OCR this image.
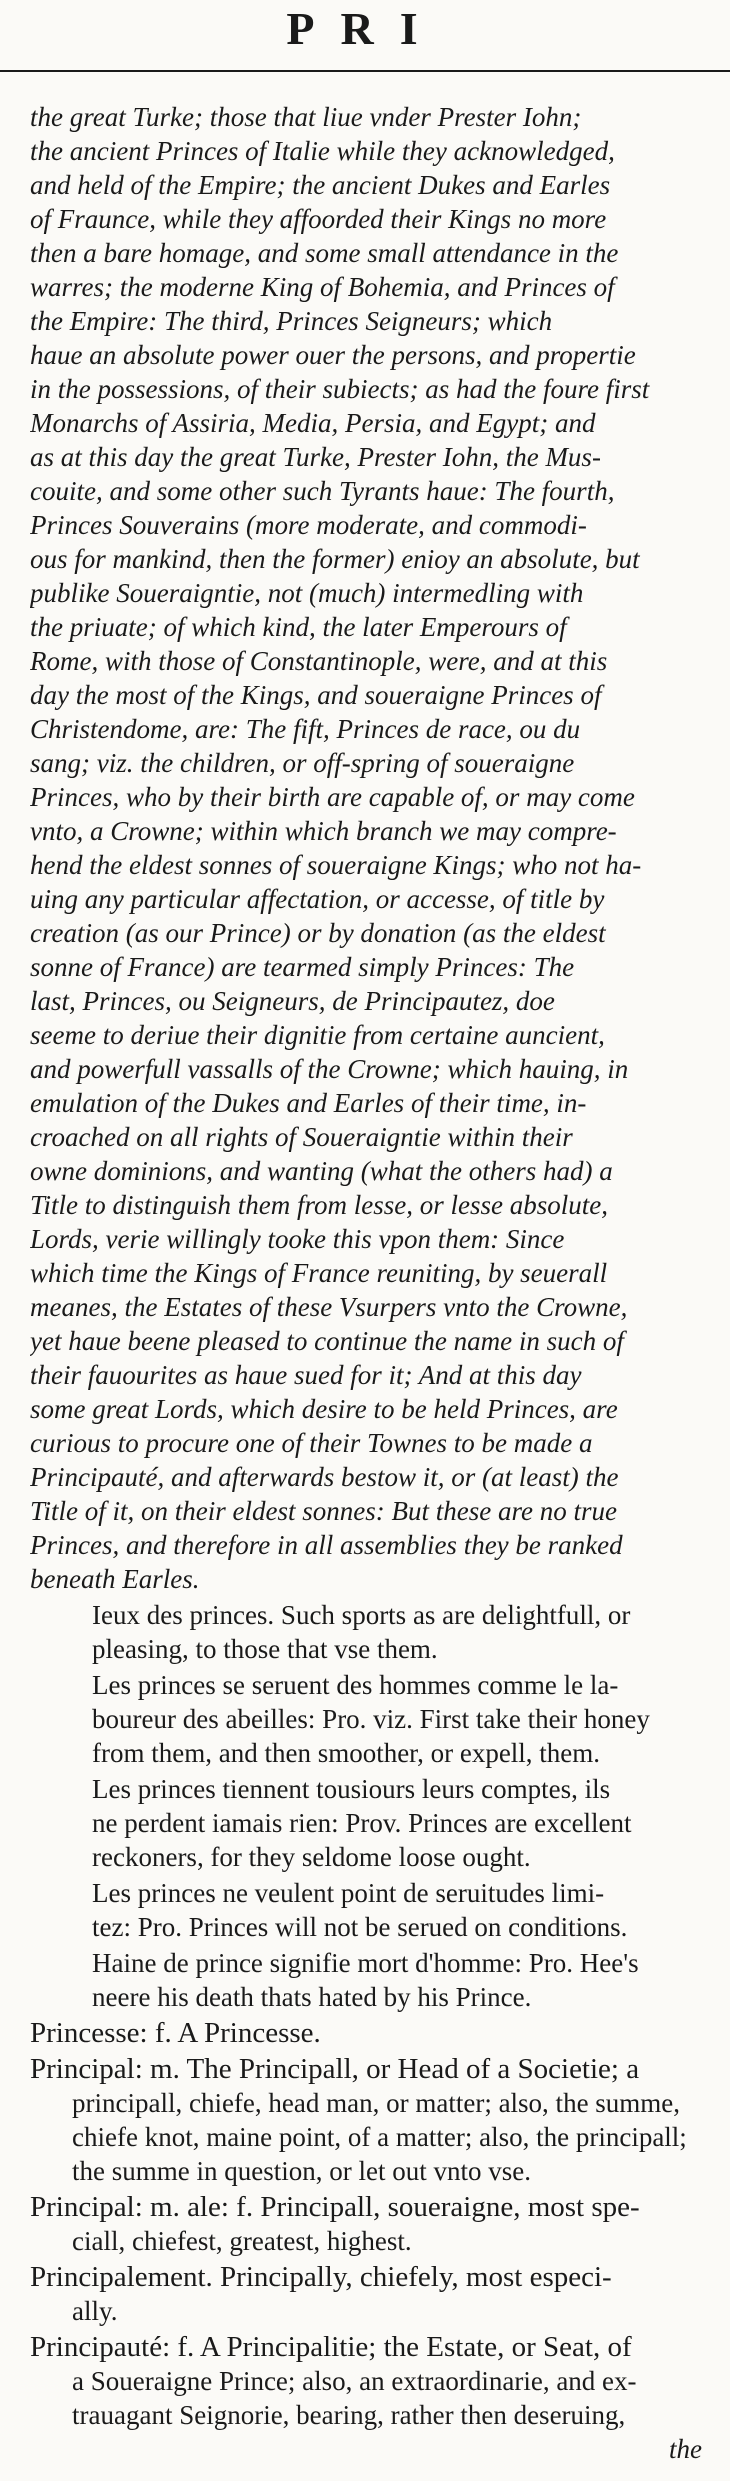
PRI
the great Turke; those that liue vnder Prester Iohn;
the ancient Princes of Italie while they acknowledged,
and held of the Empire; the ancient Dukes and Earles
of Fraunce, while they affoorded their Kings no more
then a bare homage, and some small attendance in the
warres; the moderne King of Bohemia, and Princes of
the Empire: The third, Princes Seigneurs; which
haue an absolute power ouer the persons, and propertie
in the possessions, of their subiects; as had the foure first
Monarchs of Assiria, Media, Persia, and Egypt; and
as at this day the great Turke, Prester Iohn, the Mus-
couite, and some other such Tyrants haue: The fourth,
Princes Souverains (more moderate, and commodi-
ous for mankind, then the former) enioy an absolute, but
publike Soueraigntie, not (much) intermedling with
the priuate; of which kind, the later Emperours of
Rome, with those of Constantinople, were, and at this
day the most of the Kings, and soueraigne Princes of
Christendome, are: The fift, Princes de race, ou du
sang; viz. the children, or off-spring of soueraigne
Princes, who by their birth are capable of, or may come
vnto, a Crowne; within which branch we may compre-
hend the eldest sonnes of soueraigne Kings; who not ha-
uing any particular affectation, or accesse, of title by
creation (as our Prince) or by donation (as the eldest
sonne of France) are tearmed simply Princes: The
last, Princes, ou Seigneurs, de Principautez, doe
seeme to deriue their dignitie from certaine auncient,
and powerfull vassalls of the Crowne; which hauing, in
emulation of the Dukes and Earles of their time, in-
croached on all rights of Soueraigntie within their
owne dominions, and wanting (what the others had) a
Title to distinguish them from lesse, or lesse absolute,
Lords, verie willingly tooke this vpon them: Since
which time the Kings of France reuniting, by seuerall
meanes, the Estates of these Vsurpers vnto the Crowne,
yet haue beene pleased to continue the name in such of
their fauourites as haue sued for it; And at this day
some great Lords, which desire to be held Princes, are
curious to procure one of their Townes to be made a
Principauté, and afterwards bestow it, or (at least) the
Title of it, on their eldest sonnes: But these are no true
Princes, and therefore in all assemblies they be ranked
beneath Earles.
Ieux des princes. Such sports as are delightfull, or
pleasing, to those that vse them.
Les princes se seruent des hommes comme le la-
boureur des abeilles: Pro. viz. First take their honey
from them, and then smoother, or expell, them.
Les princes tiennent tousiours leurs comptes, ils
ne perdent iamais rien: Prov. Princes are excellent
reckoners, for they seldome loose ought.
Les princes ne veulent point de seruitudes limi-
tez: Pro. Princes will not be serued on conditions.
Haine de prince signifie mort d'homme: Pro. Hee's
neere his death thats hated by his Prince.
Princesse: f. A Princesse.
Principal: m. The Principall, or Head of a Societie; a
principall, chiefe, head man, or matter; also, the summe,
chiefe knot, maine point, of a matter; also, the principall;
the summe in question, or let out vnto vse.
Principal: m. ale: f. Principall, soueraigne, most spe-
ciall, chiefest, greatest, highest.
Principalement. Principally, chiefely, most especi-
ally.
Principauté: f. A Principalitie; the Estate, or Seat, of
a Soueraigne Prince; also, an extraordinarie, and ex-
trauagant Seignorie, bearing, rather then deseruing,
the
